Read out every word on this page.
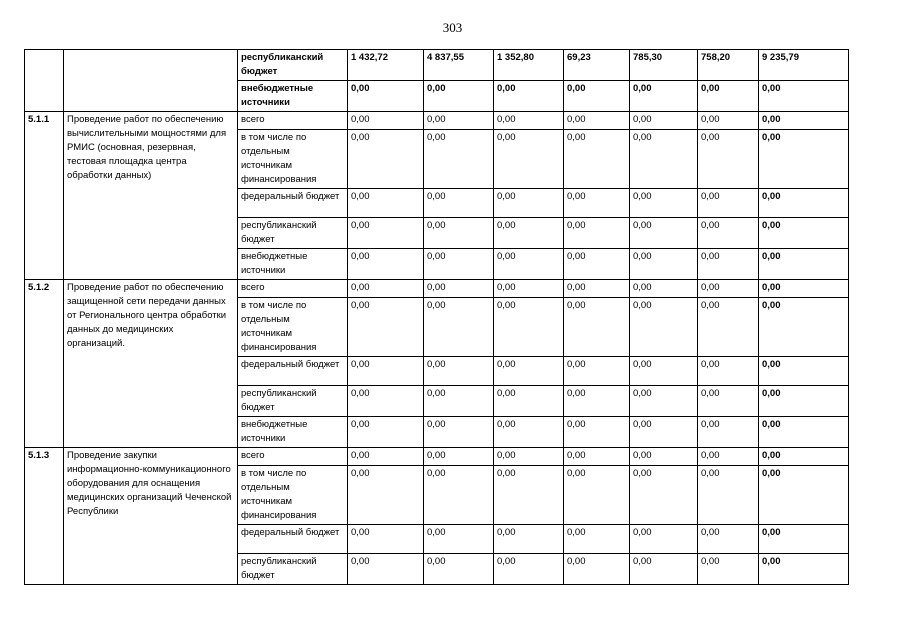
303
		республиканский бюджет	1 432,72	4 837,55	1 352,80	69,23	785,30	758,20	9 235,79
		внебюджетные источники	0,00	0,00	0,00	0,00	0,00	0,00	0,00
5.1.1	Проведение работ по обеспечению вычислительными мощностями для РМИС (основная, резервная, тестовая площадка центра обработки данных)	всего	0,00	0,00	0,00	0,00	0,00	0,00	0,00
		в том числе по отдельным источникам финансирования	0,00	0,00	0,00	0,00	0,00	0,00	0,00
		федеральный бюджет	0,00	0,00	0,00	0,00	0,00	0,00	0,00
		республиканский бюджет	0,00	0,00	0,00	0,00	0,00	0,00	0,00
		внебюджетные источники	0,00	0,00	0,00	0,00	0,00	0,00	0,00
5.1.2	Проведение работ по обеспечению защищенной сети передачи данных от Регионального центра обработки данных до медицинских организаций.	всего	0,00	0,00	0,00	0,00	0,00	0,00	0,00
		в том числе по отдельным источникам финансирования	0,00	0,00	0,00	0,00	0,00	0,00	0,00
		федеральный бюджет	0,00	0,00	0,00	0,00	0,00	0,00	0,00
		республиканский бюджет	0,00	0,00	0,00	0,00	0,00	0,00	0,00
		внебюджетные источники	0,00	0,00	0,00	0,00	0,00	0,00	0,00
5.1.3	Проведение закупки информационно-коммуникационного оборудования для оснащения медицинских организаций Чеченской Республики	всего	0,00	0,00	0,00	0,00	0,00	0,00	0,00
		в том числе по отдельным источникам финансирования	0,00	0,00	0,00	0,00	0,00	0,00	0,00
		федеральный бюджет	0,00	0,00	0,00	0,00	0,00	0,00	0,00
		республиканский бюджет	0,00	0,00	0,00	0,00	0,00	0,00	0,00
